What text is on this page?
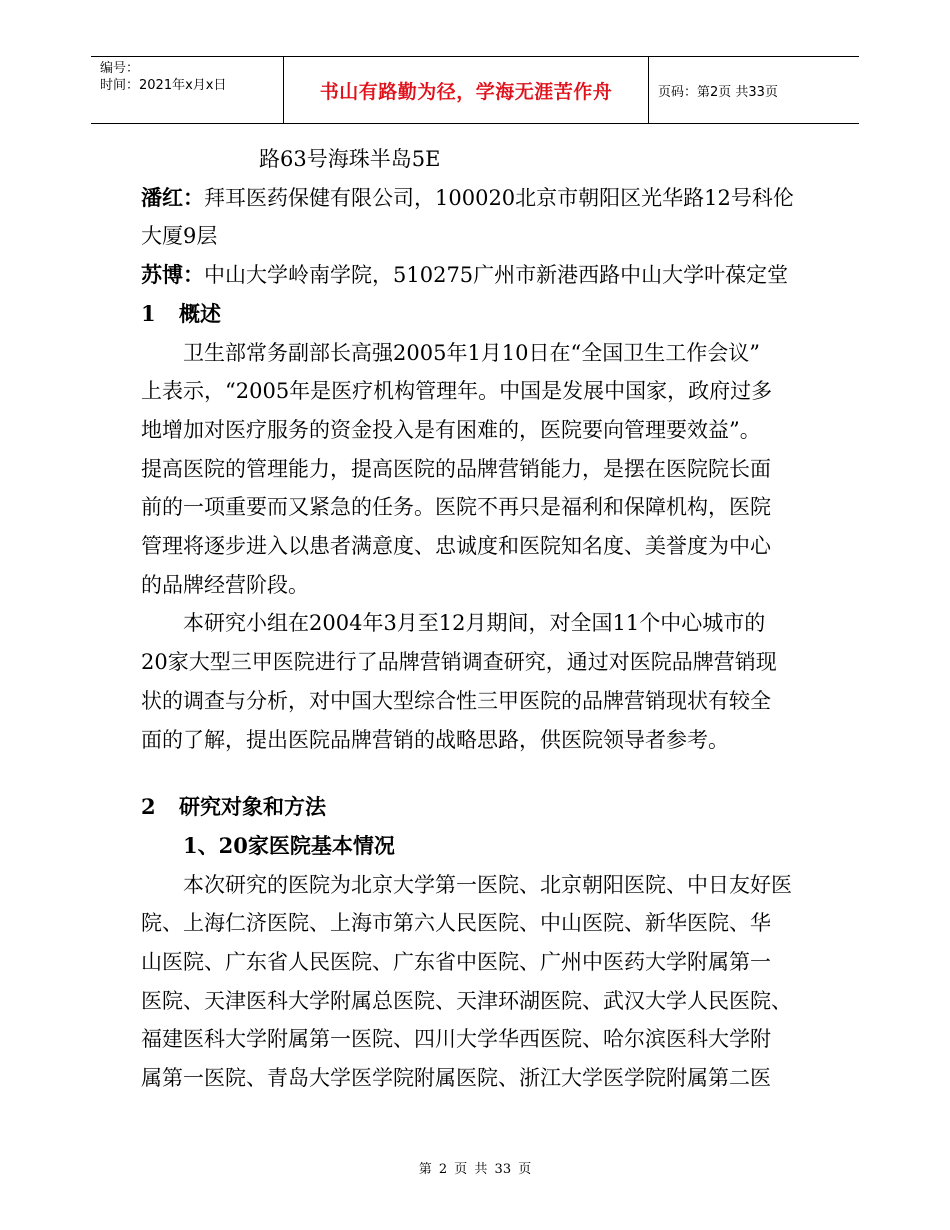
编号：
时间：2021年x月x日	书山有路勤为径，学海无涯苦作舟	页码：第2页 共33页

路63号海珠半岛5E

潘红：拜耳医药保健有限公司，100020北京市朝阳区光华路12号科伦

大厦9层

苏博：中山大学岭南学院，510275广州市新港西路中山大学叶葆定堂

1 概述

卫生部常务副部长高强2005年1月10日在“全国卫生工作会议”

上表示，“2005年是医疗机构管理年。中国是发展中国家，政府过多

地增加对医疗服务的资金投入是有困难的，医院要向管理要效益”。

提高医院的管理能力，提高医院的品牌营销能力，是摆在医院院长面

前的一项重要而又紧急的任务。医院不再只是福利和保障机构，医院

管理将逐步进入以患者满意度、忠诚度和医院知名度、美誉度为中心

的品牌经营阶段。

本研究小组在2004年3月至12月期间，对全国11个中心城市的

20家大型三甲医院进行了品牌营销调查研究，通过对医院品牌营销现

状的调查与分析，对中国大型综合性三甲医院的品牌营销现状有较全

面的了解，提出医院品牌营销的战略思路，供医院领导者参考。

2 研究对象和方法

1、20家医院基本情况

本次研究的医院为北京大学第一医院、北京朝阳医院、中日友好医

院、上海仁济医院、上海市第六人民医院、中山医院、新华医院、华

山医院、广东省人民医院、广东省中医院、广州中医药大学附属第一

医院、天津医科大学附属总医院、天津环湖医院、武汉大学人民医院、

福建医科大学附属第一医院、四川大学华西医院、哈尔滨医科大学附

属第一医院、青岛大学医学院附属医院、浙江大学医学院附属第二医

第 2 页 共 33 页
